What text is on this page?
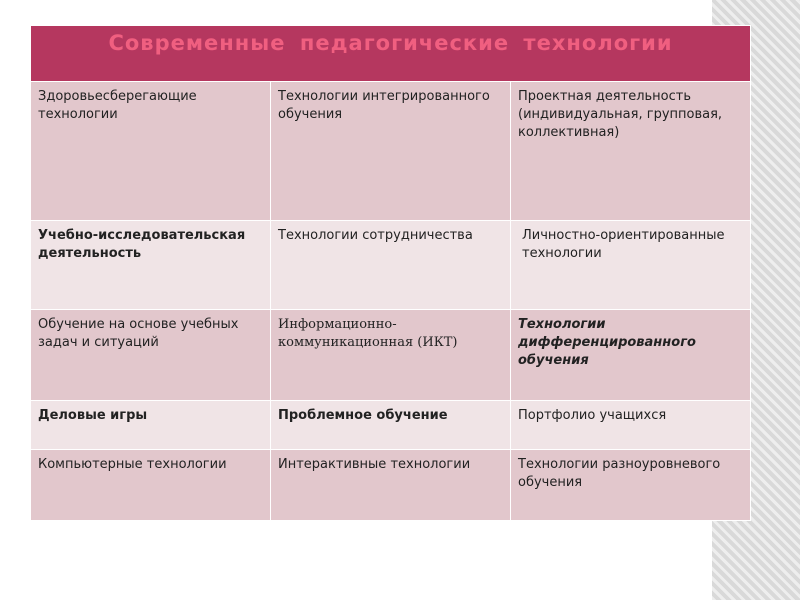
Современные педагогические технологии		
Здоровьесберегающие технологии	Технологии интегрированного обучения	Проектная деятельность (индивидуальная, групповая, коллективная)
Учебно-исследовательская деятельность	Технологии сотрудничества	Личностно-ориентированные технологии
Обучение на основе учебных задач и ситуаций	Информационно-коммуникационная (ИКТ)	Технологии дифференцированного обучения
Деловые игры	Проблемное обучение	Портфолио учащихся
Компьютерные технологии	Интерактивные технологии	Технологии разноуровневого обучения
